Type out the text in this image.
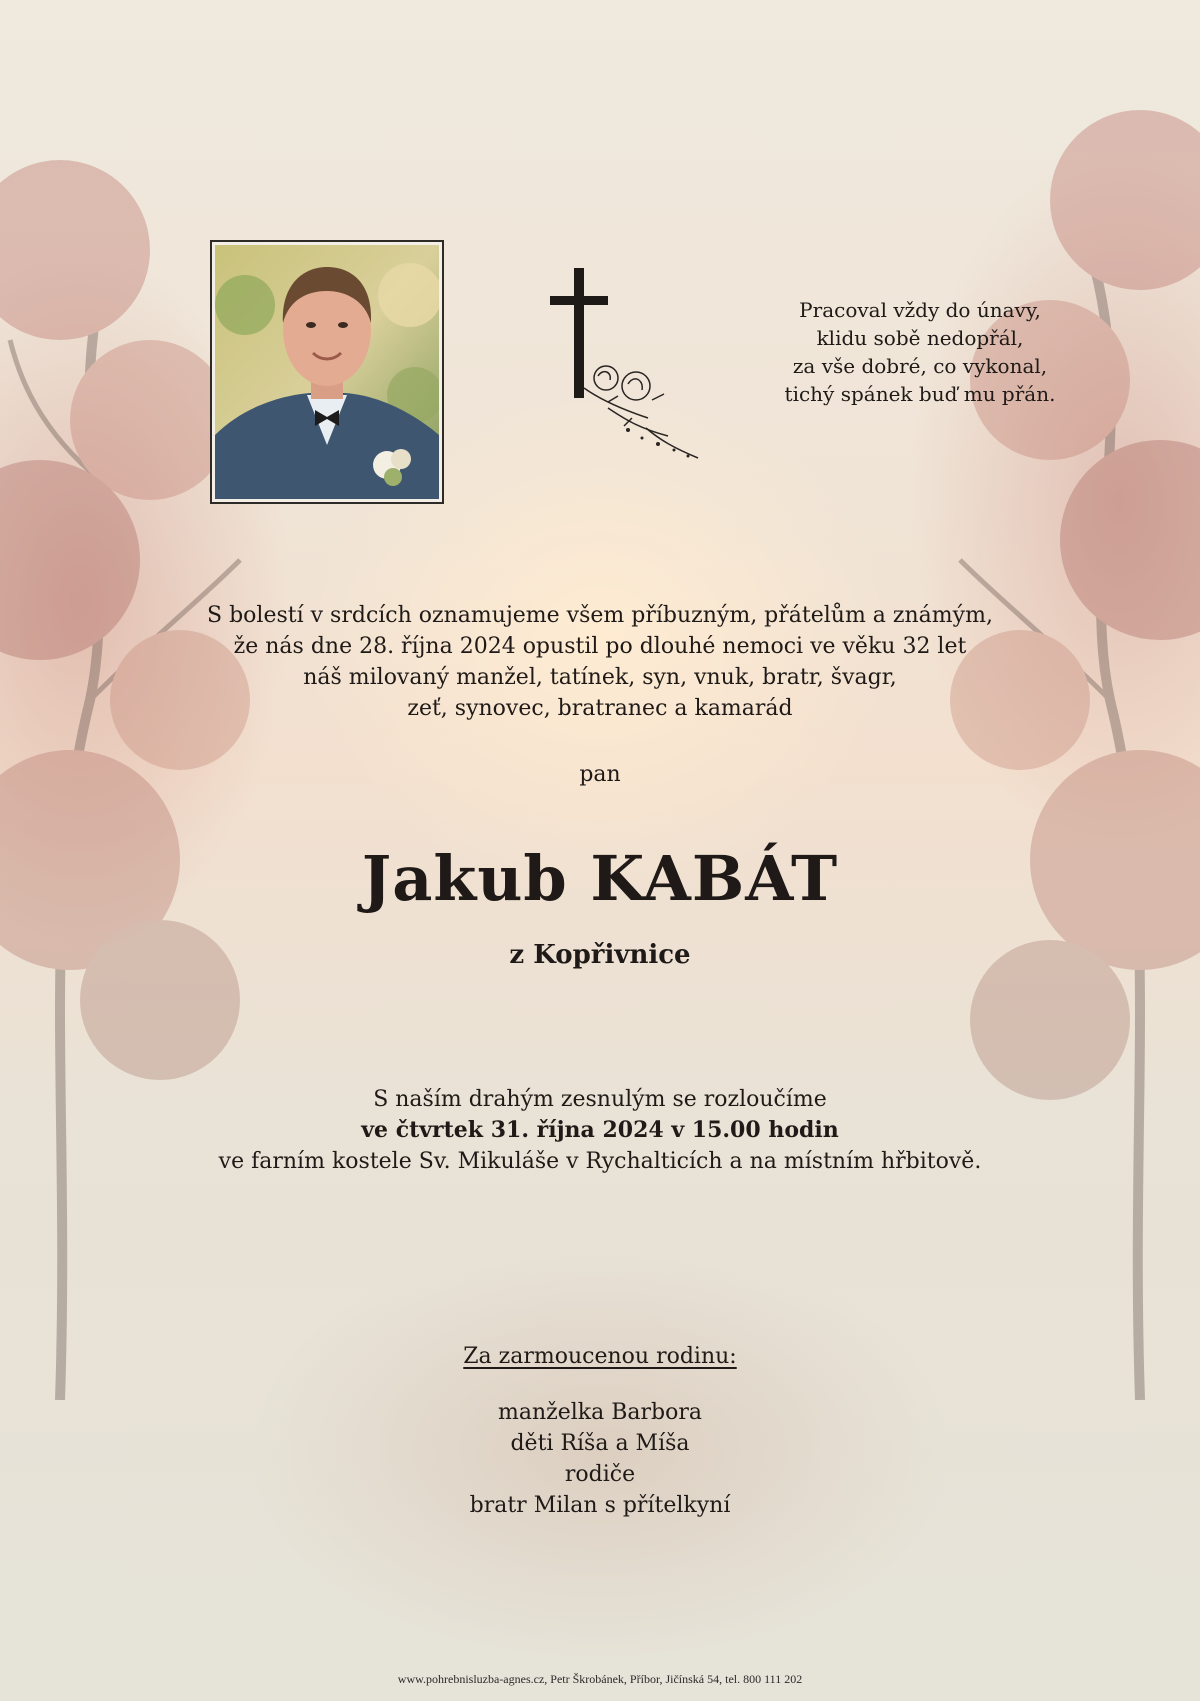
Pracoval vždy do únavy,
klidu sobě nedopřál,
za vše dobré, co vykonal,
tichý spánek buď mu přán.
S bolestí v srdcích oznamujeme všem příbuzným, přátelům a známým,
že nás dne 28. října 2024 opustil po dlouhé nemoci ve věku 32 let
náš milovaný manžel, tatínek, syn, vnuk, bratr, švagr,
zeť, synovec, bratranec a kamarád
pan
Jakub KABÁT
z Kopřivnice
S naším drahým zesnulým se rozloučíme
ve čtvrtek 31. října 2024 v 15.00 hodin
ve farním kostele Sv. Mikuláše v Rychalticích a na místním hřbitově.
Za zarmoucenou rodinu:
manželka Barbora
děti Ríša a Míša
rodiče
bratr Milan s přítelkyní
www.pohrebnisluzba-agnes.cz, Petr Škrobánek, Příbor, Jičínská 54, tel. 800 111 202
